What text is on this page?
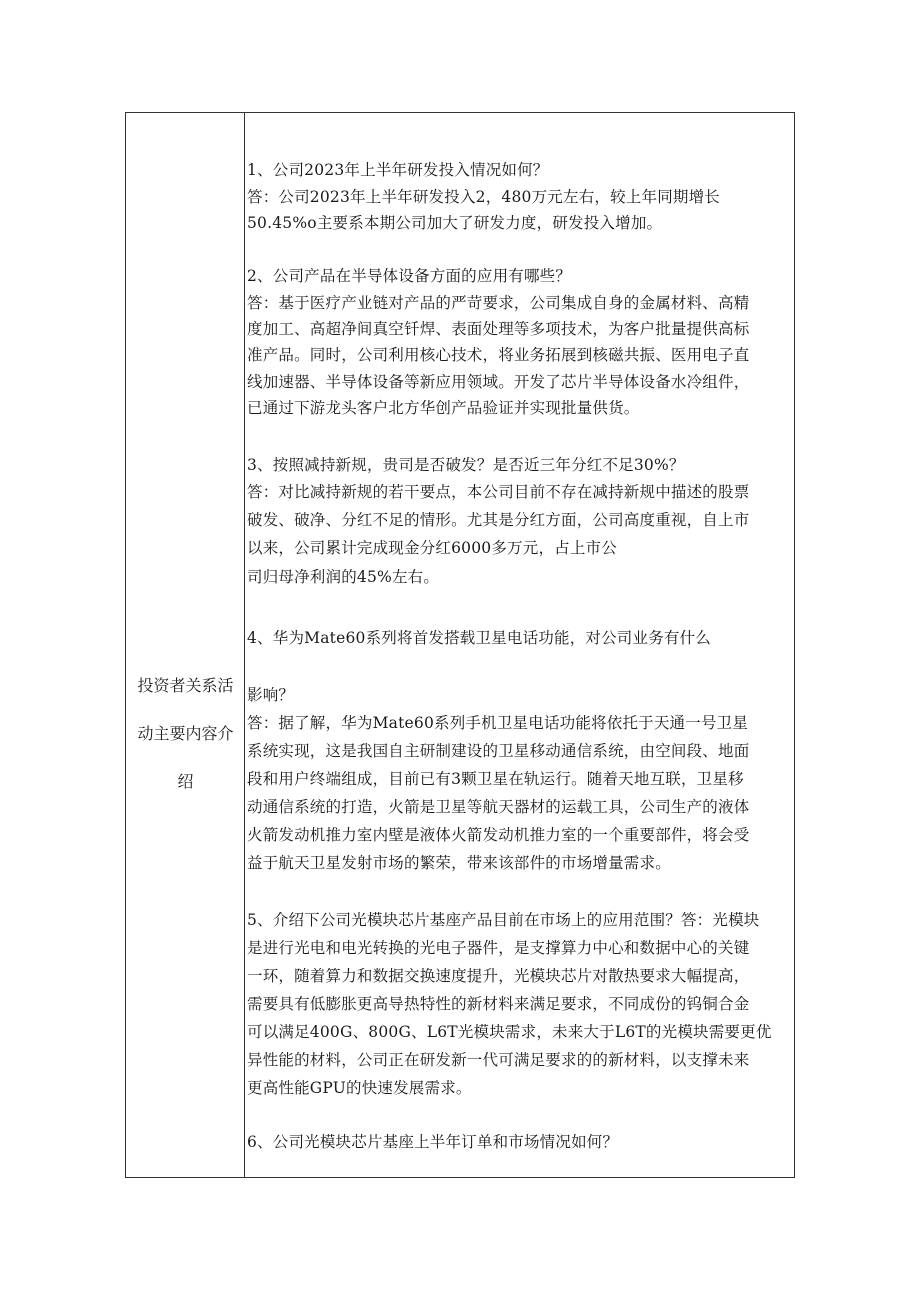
投资者关系活
动主要内容介
绍
1、公司2023年上半年研发投入情况如何？
答：公司2023年上半年研发投入2，480万元左右，较上年同期增长
50.45%o主要系本期公司加大了研发力度，研发投入增加。
2、公司产品在半导体设备方面的应用有哪些？
答：基于医疗产业链对产品的严苛要求，公司集成自身的金属材料、高精
度加工、高超净间真空钎焊、表面处理等多项技术，为客户批量提供高标
准产品。同时，公司利用核心技术，将业务拓展到核磁共振、医用电子直
线加速器、半导体设备等新应用领域。开发了芯片半导体设备水冷组件，
已通过下游龙头客户北方华创产品验证并实现批量供货。
3、按照减持新规，贵司是否破发？是否近三年分红不足30%？
答：对比减持新规的若干要点，本公司目前不存在减持新规中描述的股票
破发、破净、分红不足的情形。尤其是分红方面，公司高度重视，自上市
以来，公司累计完成现金分红6000多万元，占上市公
司归母净利润的45%左右。
4、华为Mate60系列将首发搭载卫星电话功能，对公司业务有什么
影响？
答：据了解，华为Mate60系列手机卫星电话功能将依托于天通一号卫星
系统实现，这是我国自主研制建设的卫星移动通信系统，由空间段、地面
段和用户终端组成，目前已有3颗卫星在轨运行。随着天地互联，卫星移
动通信系统的打造，火箭是卫星等航天器材的运载工具，公司生产的液体
火箭发动机推力室内壁是液体火箭发动机推力室的一个重要部件，将会受
益于航天卫星发射市场的繁荣，带来该部件的市场增量需求。
5、介绍下公司光模块芯片基座产品目前在市场上的应用范围？答：光模块
是进行光电和电光转换的光电子器件，是支撑算力中心和数据中心的关键
一环，随着算力和数据交换速度提升，光模块芯片对散热要求大幅提高，
需要具有低膨胀更高导热特性的新材料来满足要求，不同成份的钨铜合金
可以满足400G、800G、L6T光模块需求，未来大于L6T的光模块需要更优
异性能的材料，公司正在研发新一代可满足要求的的新材料，以支撑未来
更高性能GPU的快速发展需求。
6、公司光模块芯片基座上半年订单和市场情况如何？
